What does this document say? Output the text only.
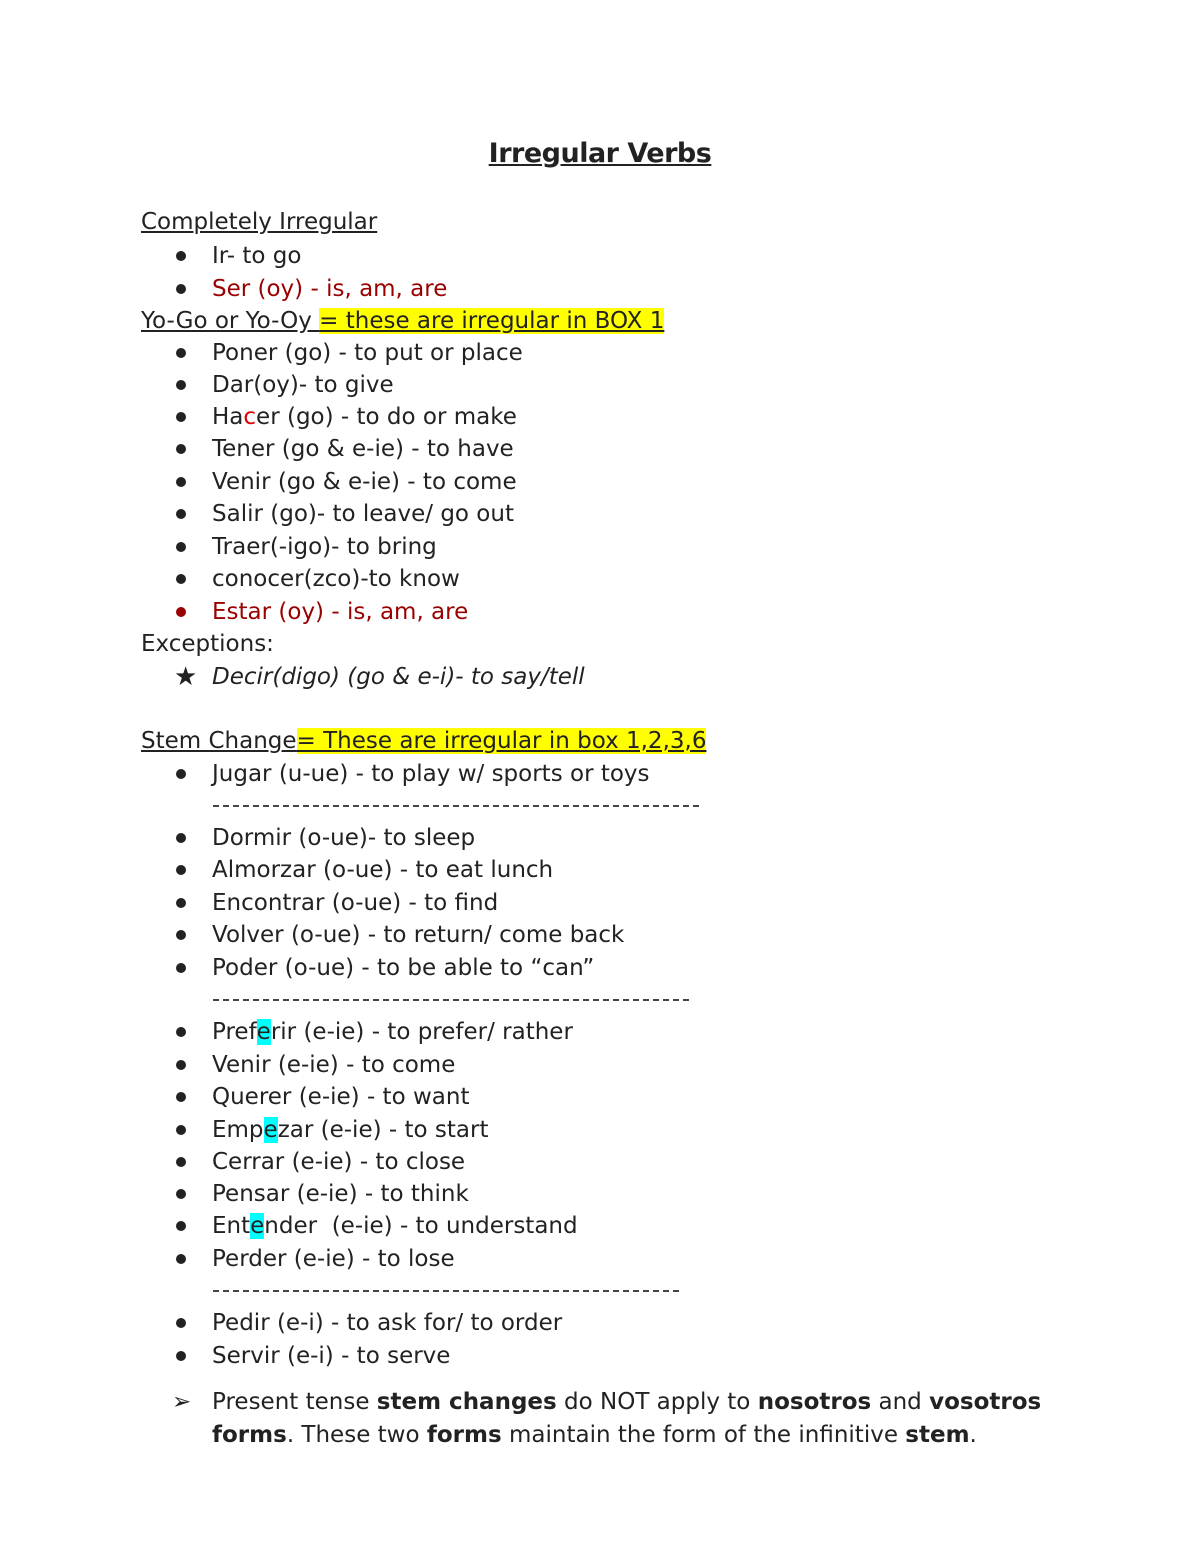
Irregular Verbs
Completely Irregular
Ir- to go
Ser (oy) - is, am, are
Yo-Go or Yo-Oy = these are irregular in BOX 1
Poner (go) - to put or place
Dar(oy)- to give
Hacer (go) - to do or make
Tener (go & e-ie) - to have
Venir (go & e-ie) - to come
Salir (go)- to leave/ go out
Traer(-igo)- to bring
conocer(zco)-to know
Estar (oy) - is, am, are
Exceptions:
★ Decir(digo) (go & e-i)- to say/tell
Stem Change= These are irregular in box 1,2,3,6
Jugar (u-ue) - to play w/ sports or toys
Dormir (o-ue)- to sleep
Almorzar (o-ue) - to eat lunch
Encontrar (o-ue) - to find
Volver (o-ue) - to return/ come back
Poder (o-ue) - to be able to “can”
Preferir (e-ie) - to prefer/ rather
Venir (e-ie) - to come
Querer (e-ie) - to want
Empezar (e-ie) - to start
Cerrar (e-ie) - to close
Pensar (e-ie) - to think
Entender  (e-ie) - to understand
Perder (e-ie) - to lose
Pedir (e-i) - to ask for/ to order
Servir (e-i) - to serve
➢ Present tense stem changes do NOT apply to nosotros and vosotros
forms. These two forms maintain the form of the infinitive stem.
